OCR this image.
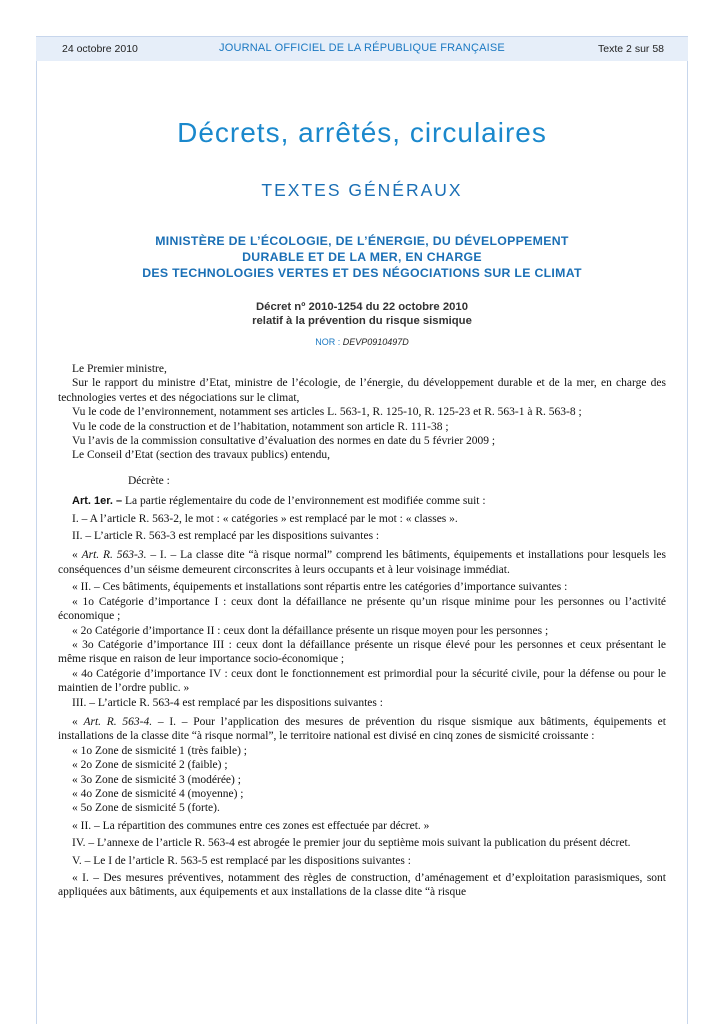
24 octobre 2010	JOURNAL OFFICIEL DE LA RÉPUBLIQUE FRANÇAISE	Texte 2 sur 58
Décrets, arrêtés, circulaires
TEXTES GÉNÉRAUX
MINISTÈRE DE L’ÉCOLOGIE, DE L’ÉNERGIE, DU DÉVELOPPEMENT
DURABLE ET DE LA MER, EN CHARGE
DES TECHNOLOGIES VERTES ET DES NÉGOCIATIONS SUR LE CLIMAT
Décret nº 2010-1254 du 22 octobre 2010
relatif à la prévention du risque sismique
NOR : DEVP0910497D

Le Premier ministre,

Sur le rapport du ministre d’Etat, ministre de l’écologie, de l’énergie, du développement durable et de la mer, en charge des technologies vertes et des négociations sur le climat,

Vu le code de l’environnement, notamment ses articles L. 563-1, R. 125-10, R. 125-23 et R. 563-1 à R. 563-8 ;

Vu le code de la construction et de l’habitation, notamment son article R. 111-38 ;

Vu l’avis de la commission consultative d’évaluation des normes en date du 5 février 2009 ;

Le Conseil d’Etat (section des travaux publics) entendu,

Décrète :

Art. 1er. – La partie réglementaire du code de l’environnement est modifiée comme suit :

I. – A l’article R. 563-2, le mot : « catégories » est remplacé par le mot : « classes ».

II. – L’article R. 563-3 est remplacé par les dispositions suivantes :

« Art. R. 563-3. – I. – La classe dite “à risque normal” comprend les bâtiments, équipements et installations pour lesquels les conséquences d’un séisme demeurent circonscrites à leurs occupants et à leur voisinage immédiat.

« II. – Ces bâtiments, équipements et installations sont répartis entre les catégories d’importance suivantes :

« 1o Catégorie d’importance I : ceux dont la défaillance ne présente qu’un risque minime pour les personnes ou l’activité économique ;

« 2o Catégorie d’importance II : ceux dont la défaillance présente un risque moyen pour les personnes ;

« 3o Catégorie d’importance III : ceux dont la défaillance présente un risque élevé pour les personnes et ceux présentant le même risque en raison de leur importance socio-économique ;

« 4o Catégorie d’importance IV : ceux dont le fonctionnement est primordial pour la sécurité civile, pour la défense ou pour le maintien de l’ordre public. »

III. – L’article R. 563-4 est remplacé par les dispositions suivantes :

« Art. R. 563-4. – I. – Pour l’application des mesures de prévention du risque sismique aux bâtiments, équipements et installations de la classe dite “à risque normal”, le territoire national est divisé en cinq zones de sismicité croissante :

« 1o Zone de sismicité 1 (très faible) ;

« 2o Zone de sismicité 2 (faible) ;

« 3o Zone de sismicité 3 (modérée) ;

« 4o Zone de sismicité 4 (moyenne) ;

« 5o Zone de sismicité 5 (forte).

« II. – La répartition des communes entre ces zones est effectuée par décret. »

IV. – L’annexe de l’article R. 563-4 est abrogée le premier jour du septième mois suivant la publication du présent décret.

V. – Le I de l’article R. 563-5 est remplacé par les dispositions suivantes :

« I. – Des mesures préventives, notamment des règles de construction, d’aménagement et d’exploitation parasismiques, sont appliquées aux bâtiments, aux équipements et aux installations de la classe dite “à risque
